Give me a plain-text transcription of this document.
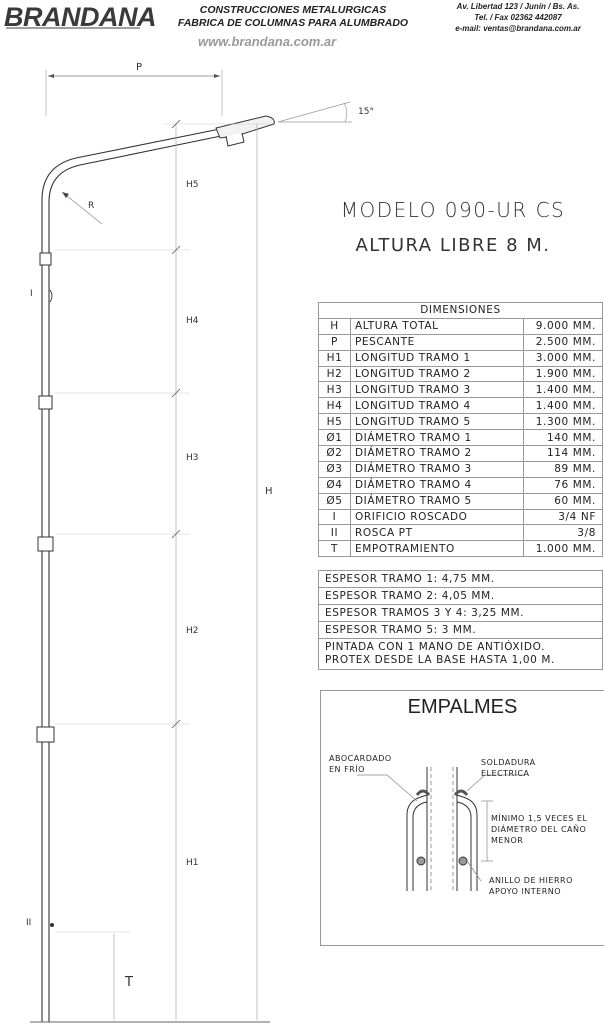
BRANDANA	CONSTRUCCIONES METALURGICAS
FABRICA DE COLUMNAS PARA ALUMBRADO
www.brandana.com.ar
Av. Libertad 123 / Junín / Bs. As.
Tel. / Fax 02362 442087
e-mail: ventas@brandana.com.ar
P
15°
R
H5
H4
H3
H2
H1
H
I
II
T
MODELO 090-UR CS
ALTURA LIBRE 8 M.
DIMENSIONES		
H	ALTURA TOTAL	9.000 MM.
P	PESCANTE	2.500 MM.
H1	LONGITUD TRAMO 1	3.000 MM.
H2	LONGITUD TRAMO 2	1.900 MM.
H3	LONGITUD TRAMO 3	1.400 MM.
H4	LONGITUD TRAMO 4	1.400 MM.
H5	LONGITUD TRAMO 5	1.300 MM.
Ø1	DIÁMETRO TRAMO 1	140 MM.
Ø2	DIÁMETRO TRAMO 2	114 MM.
Ø3	DIÁMETRO TRAMO 3	89 MM.
Ø4	DIÁMETRO TRAMO 4	76 MM.
Ø5	DIÁMETRO TRAMO 5	60 MM.
I	ORIFICIO ROSCADO	3/4 NF
II	ROSCA PT	3/8
T	EMPOTRAMIENTO	1.000 MM.
ESPESOR TRAMO 1: 4,75 MM.
ESPESOR TRAMO 2: 4,05 MM.
ESPESOR TRAMOS 3 Y 4: 3,25 MM.
ESPESOR TRAMO 5: 3 MM.
PINTADA CON 1 MANO DE ANTIÓXIDO.
PROTEX DESDE LA BASE HASTA 1,00 M.
EMPALMES
ABOCARDADO
EN FRÍO
SOLDADURA
ELECTRICA
MÍNIMO 1,5 VECES EL
DIÁMETRO DEL CAÑO
MENOR
ANILLO DE HIERRO
APOYO INTERNO
